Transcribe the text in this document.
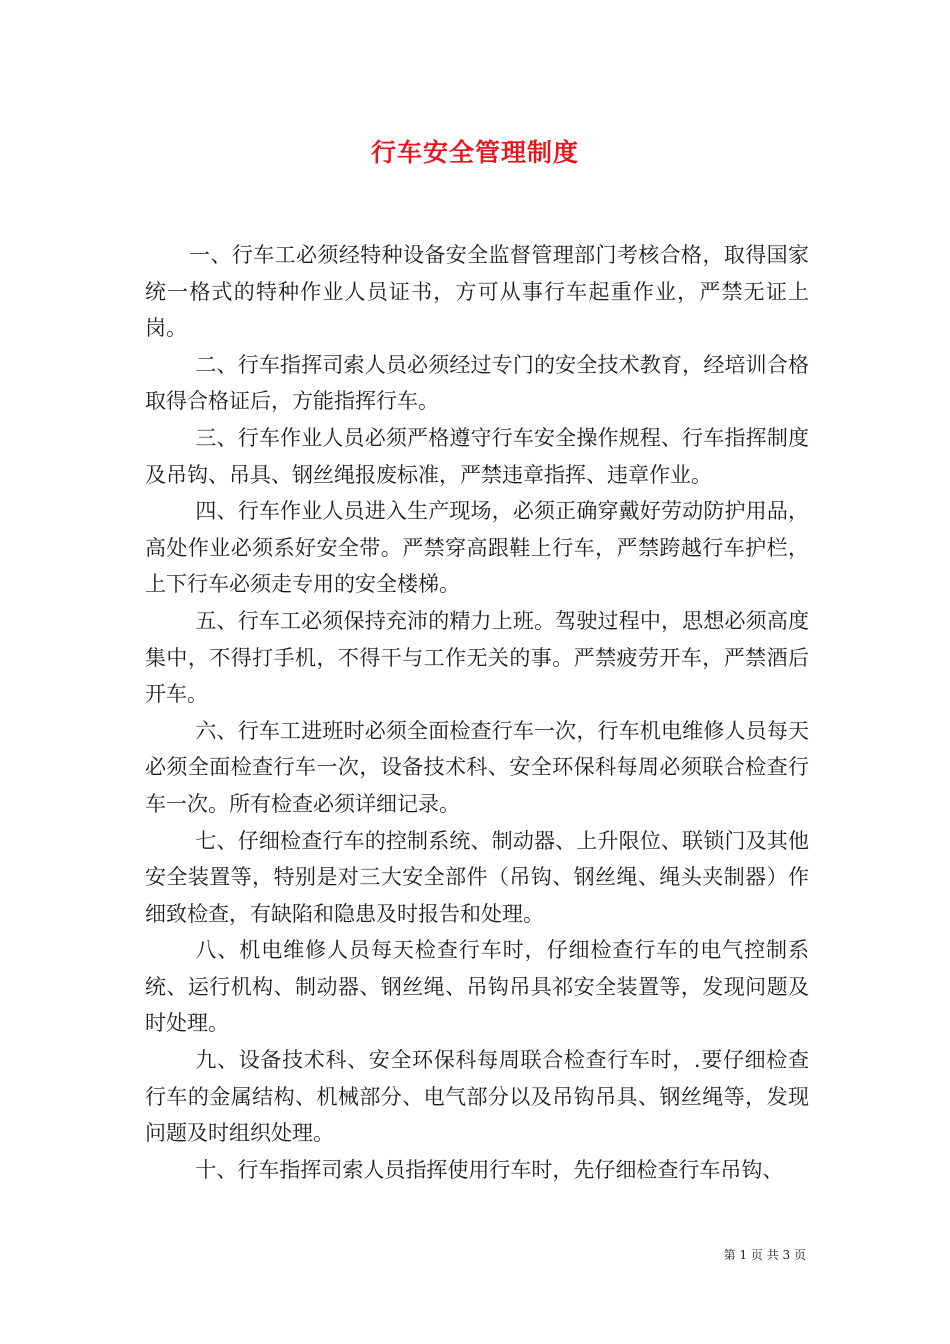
行车安全管理制度

一、行车工必须经特种设备安全监督管理部门考核合格，取得国家统一格式的特种作业人员证书，方可从事行车起重作业，严禁无证上岗。

二、行车指挥司索人员必须经过专门的安全技术教育，经培训合格取得合格证后，方能指挥行车。

三、行车作业人员必须严格遵守行车安全操作规程、行车指挥制度及吊钩、吊具、钢丝绳报废标准，严禁违章指挥、违章作业。

四、行车作业人员进入生产现场，必须正确穿戴好劳动防护用品，高处作业必须系好安全带。严禁穿高跟鞋上行车，严禁跨越行车护栏，上下行车必须走专用的安全楼梯。

五、行车工必须保持充沛的精力上班。驾驶过程中，思想必须高度集中，不得打手机，不得干与工作无关的事。严禁疲劳开车，严禁酒后开车。

六、行车工进班时必须全面检查行车一次，行车机电维修人员每天必须全面检查行车一次，设备技术科、安全环保科每周必须联合检查行车一次。所有检查必须详细记录。

七、仔细检查行车的控制系统、制动器、上升限位、联锁门及其他安全装置等，特别是对三大安全部件（吊钩、钢丝绳、绳头夹制器）作细致检查，有缺陷和隐患及时报告和处理。

八、机电维修人员每天检查行车时，仔细检查行车的电气控制系统、运行机构、制动器、钢丝绳、吊钩吊具祁安全装置等，发现问题及时处理。

九、设备技术科、安全环保科每周联合检查行车时，.要仔细检查行车的金属结构、机械部分、电气部分以及吊钩吊具、钢丝绳等，发现问题及时组织处理。

十、行车指挥司索人员指挥使用行车时，先仔细检查行车吊钩、

第 1 页 共 3 页
